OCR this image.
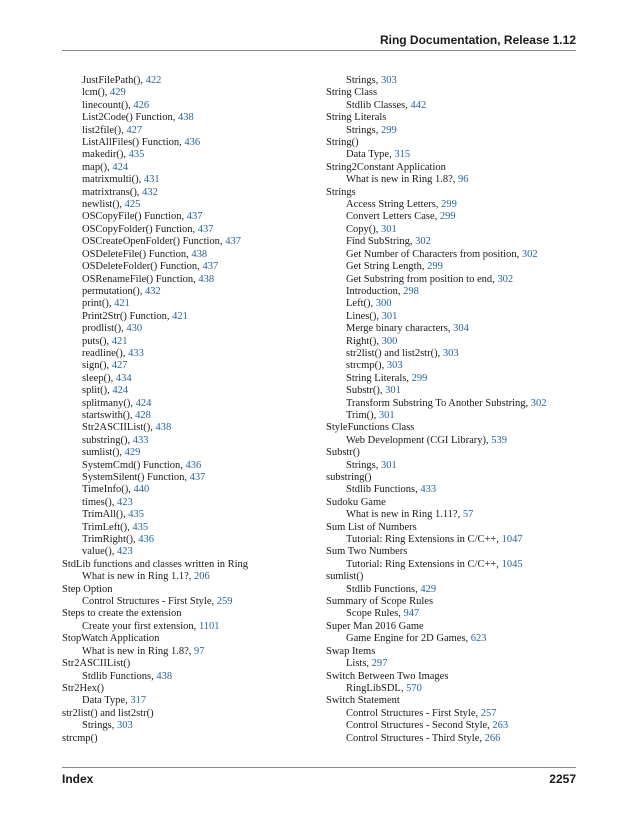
Ring Documentation, Release 1.12
JustFilePath(), 422
lcm(), 429
linecount(), 426
List2Code() Function, 438
list2file(), 427
ListAllFiles() Function, 436
makedir(), 435
map(), 424
matrixmulti(), 431
matrixtrans(), 432
newlist(), 425
OSCopyFile() Function, 437
OSCopyFolder() Function, 437
OSCreateOpenFolder() Function, 437
OSDeleteFile() Function, 438
OSDeleteFolder() Function, 437
OSRenameFile() Function, 438
permutation(), 432
print(), 421
Print2Str() Function, 421
prodlist(), 430
puts(), 421
readline(), 433
sign(), 427
sleep(), 434
split(), 424
splitmany(), 424
startswith(), 428
Str2ASCIIList(), 438
substring(), 433
sumlist(), 429
SystemCmd() Function, 436
SystemSilent() Function, 437
TimeInfo(), 440
times(), 423
TrimAll(), 435
TrimLeft(), 435
TrimRight(), 436
value(), 423
StdLib functions and classes written in Ring
What is new in Ring 1.1?, 206
Step Option
Control Structures - First Style, 259
Steps to create the extension
Create your first extension, 1101
StopWatch Application
What is new in Ring 1.8?, 97
Str2ASCIIList()
Stdlib Functions, 438
Str2Hex()
Data Type, 317
str2list() and list2str()
Strings, 303
strcmp()
Strings, 303
String Class
Stdlib Classes, 442
String Literals
Strings, 299
String()
Data Type, 315
String2Constant Application
What is new in Ring 1.8?, 96
Strings
Access String Letters, 299
Convert Letters Case, 299
Copy(), 301
Find SubString, 302
Get Number of Characters from position, 302
Get String Length, 299
Get Substring from position to end, 302
Introduction, 298
Left(), 300
Lines(), 301
Merge binary characters, 304
Right(), 300
str2list() and list2str(), 303
strcmp(), 303
String Literals, 299
Substr(), 301
Transform Substring To Another Substring, 302
Trim(), 301
StyleFunctions Class
Web Development (CGI Library), 539
Substr()
Strings, 301
substring()
Stdlib Functions, 433
Sudoku Game
What is new in Ring 1.11?, 57
Sum List of Numbers
Tutorial: Ring Extensions in C/C++, 1047
Sum Two Numbers
Tutorial: Ring Extensions in C/C++, 1045
sumlist()
Stdlib Functions, 429
Summary of Scope Rules
Scope Rules, 947
Super Man 2016 Game
Game Engine for 2D Games, 623
Swap Items
Lists, 297
Switch Between Two Images
RingLibSDL, 570
Switch Statement
Control Structures - First Style, 257
Control Structures - Second Style, 263
Control Structures - Third Style, 266
Index	2257
